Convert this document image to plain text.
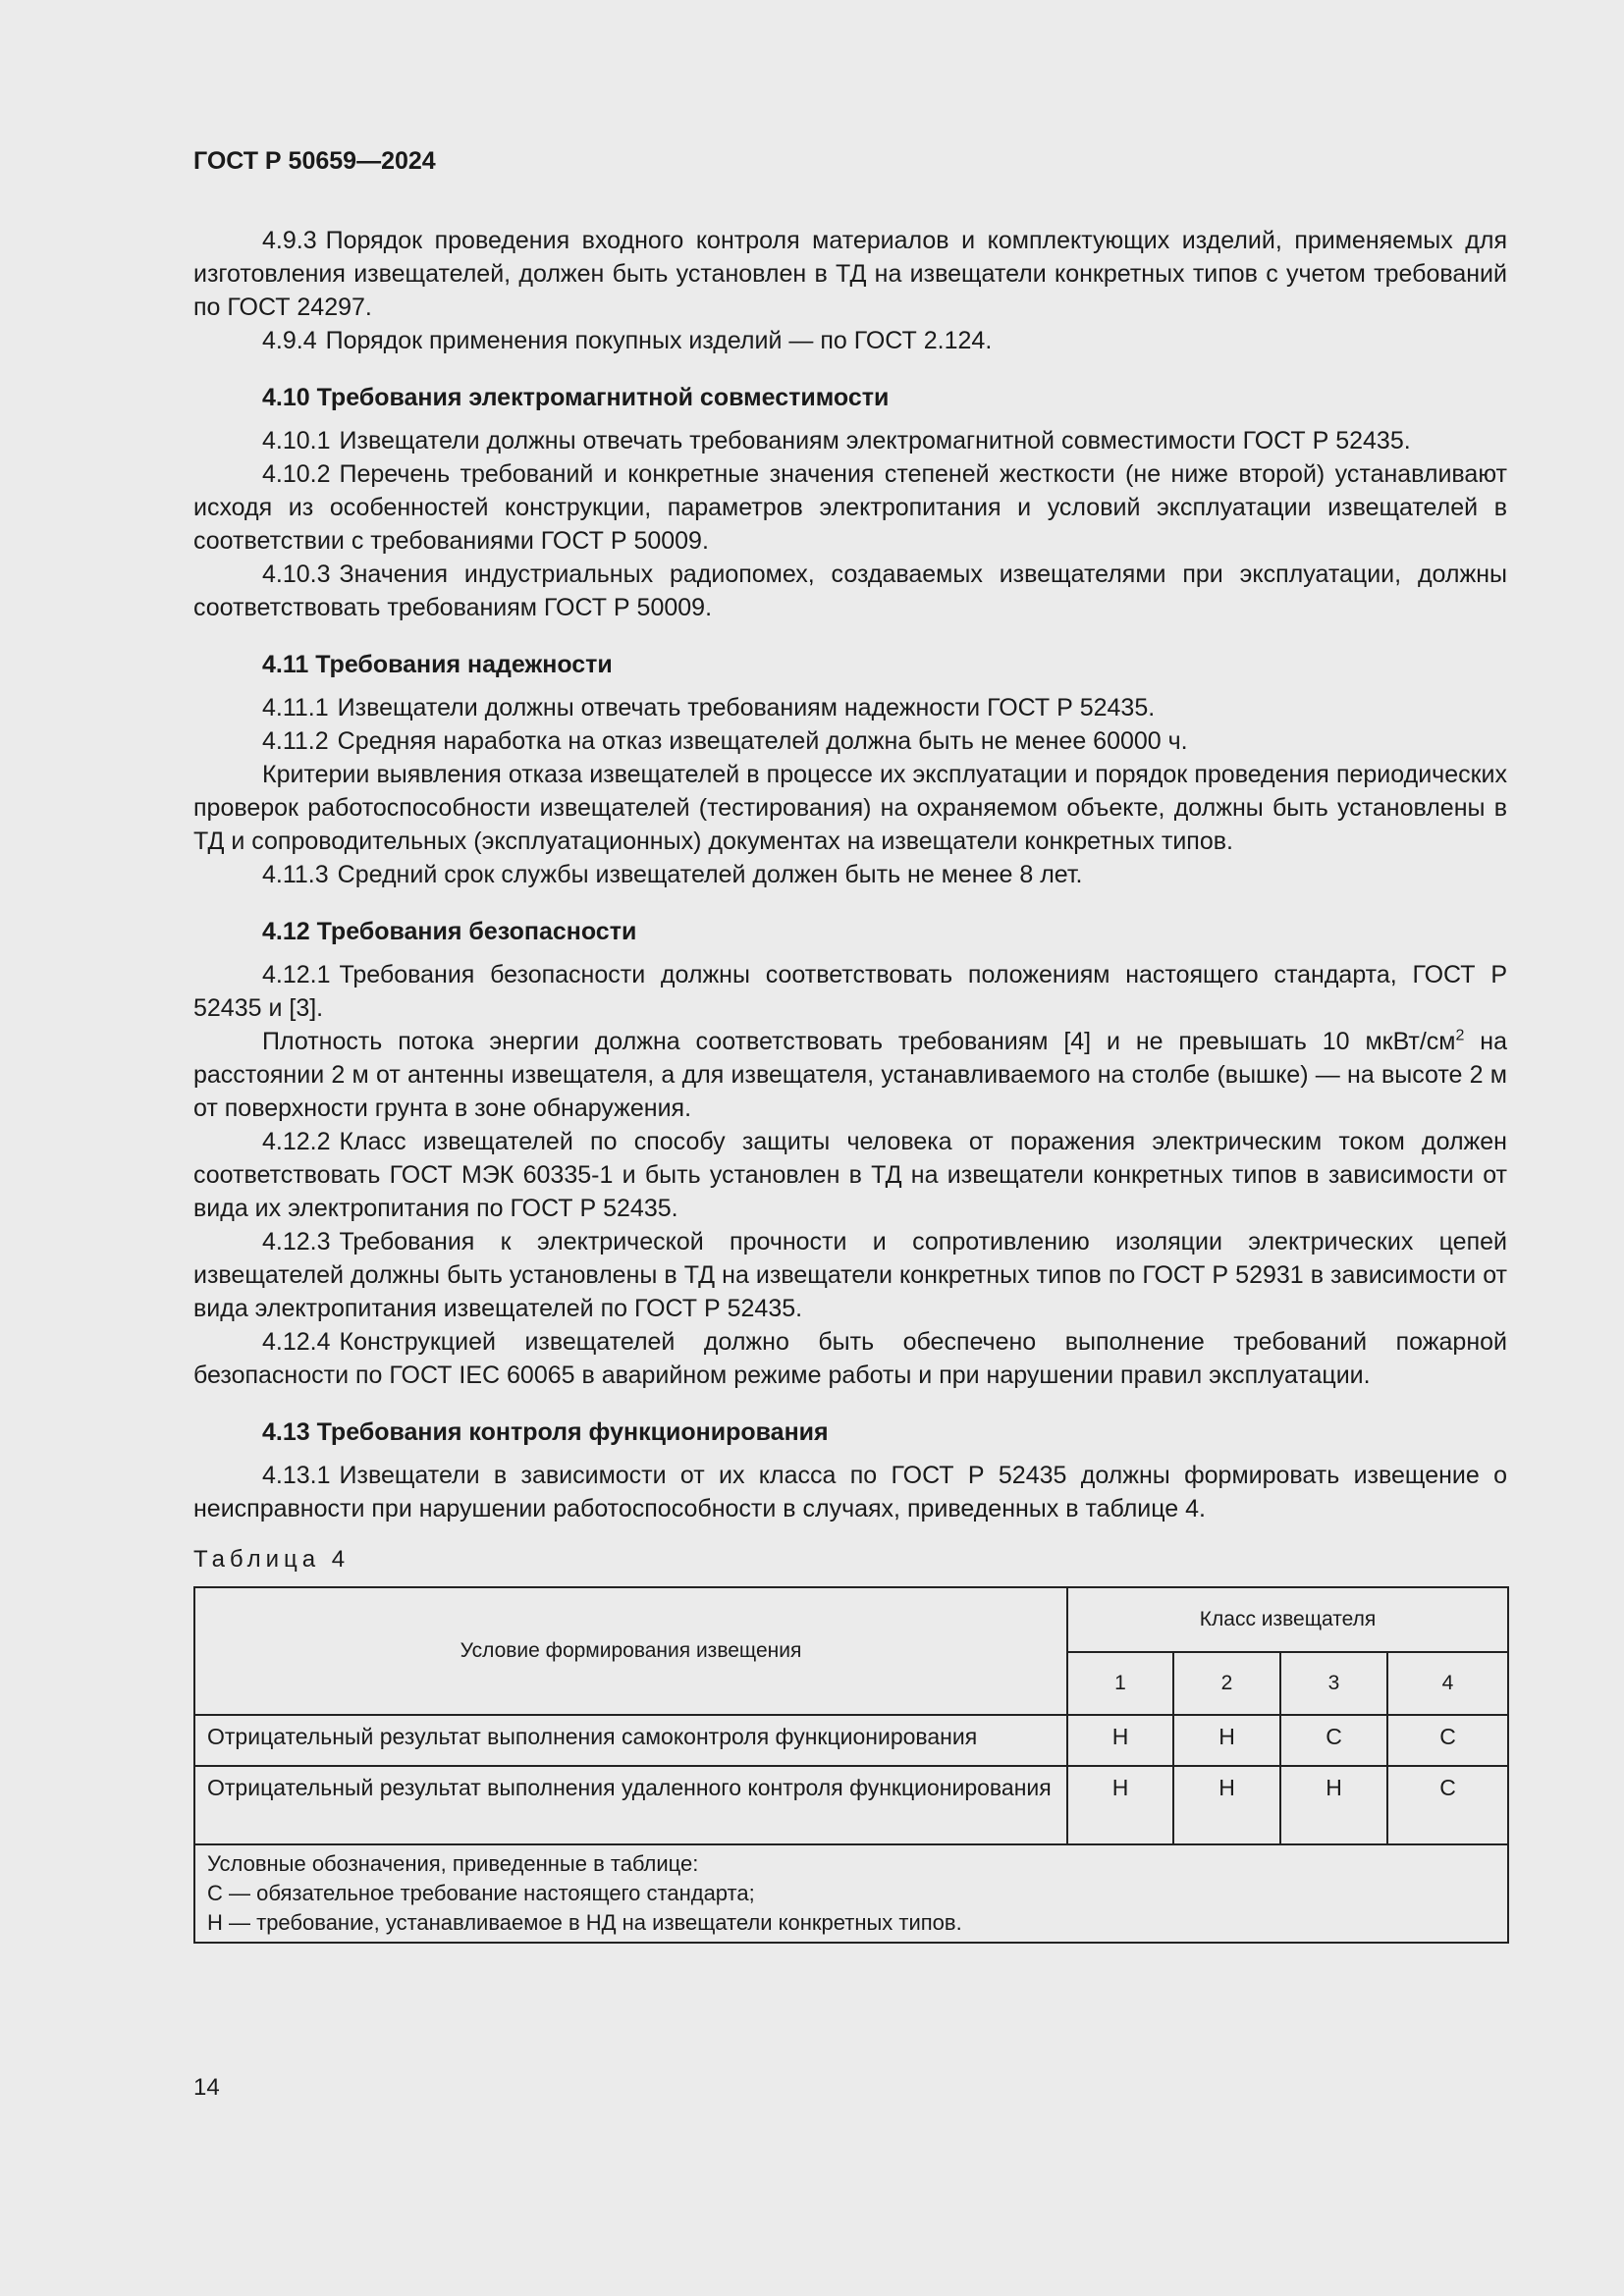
ГОСТ Р 50659—2024

4.9.3 Порядок проведения входного контроля материалов и комплектующих изделий, применяемых для изготовления извещателей, должен быть установлен в ТД на извещатели конкретных типов с учетом требований по ГОСТ 24297.

4.9.4 Порядок применения покупных изделий — по ГОСТ 2.124.

4.10 Требования электромагнитной совместимости

4.10.1 Извещатели должны отвечать требованиям электромагнитной совместимости ГОСТ Р 52435.

4.10.2 Перечень требований и конкретные значения степеней жесткости (не ниже второй) устанавливают исходя из особенностей конструкции, параметров электропитания и условий эксплуатации извещателей в соответствии с требованиями ГОСТ Р 50009.

4.10.3 Значения индустриальных радиопомех, создаваемых извещателями при эксплуатации, должны соответствовать требованиям ГОСТ Р 50009.

4.11 Требования надежности

4.11.1 Извещатели должны отвечать требованиям надежности ГОСТ Р 52435.

4.11.2 Средняя наработка на отказ извещателей должна быть не менее 60000 ч.

Критерии выявления отказа извещателей в процессе их эксплуатации и порядок проведения периодических проверок работоспособности извещателей (тестирования) на охраняемом объекте, должны быть установлены в ТД и сопроводительных (эксплуатационных) документах на извещатели конкретных типов.

4.11.3 Средний срок службы извещателей должен быть не менее 8 лет.

4.12 Требования безопасности

4.12.1 Требования безопасности должны соответствовать положениям настоящего стандарта, ГОСТ Р 52435 и [3].

Плотность потока энергии должна соответствовать требованиям [4] и не превышать 10 мкВт/$см^2$ на расстоянии 2 м от антенны извещателя, а для извещателя, устанавливаемого на столбе (вышке) — на высоте 2 м от поверхности грунта в зоне обнаружения.

4.12.2 Класс извещателей по способу защиты человека от поражения электрическим током должен соответствовать ГОСТ МЭК 60335-1 и быть установлен в ТД на извещатели конкретных типов в зависимости от вида их электропитания по ГОСТ Р 52435.

4.12.3 Требования к электрической прочности и сопротивлению изоляции электрических цепей извещателей должны быть установлены в ТД на извещатели конкретных типов по ГОСТ Р 52931 в зависимости от вида электропитания извещателей по ГОСТ Р 52435.

4.12.4 Конструкцией извещателей должно быть обеспечено выполнение требований пожарной безопасности по ГОСТ IEC 60065 в аварийном режиме работы и при нарушении правил эксплуатации.

4.13 Требования контроля функционирования

4.13.1 Извещатели в зависимости от их класса по ГОСТ Р 52435 должны формировать извещение о неисправности при нарушении работоспособности в случаях, приведенных в таблице 4.

Таблица 4
Условие формирования извещения	Класс извещателя			
	1	2	3	4
Отрицательный результат выполнения самоконтроля функционирования	Н	Н	С	С
Отрицательный результат выполнения удаленного контроля функционирования	Н	Н	Н	С

Условные обозначения, приведенные в таблице:
С — обязательное требование настоящего стандарта;
Н — требование, устанавливаемое в НД на извещатели конкретных типов.				
14
